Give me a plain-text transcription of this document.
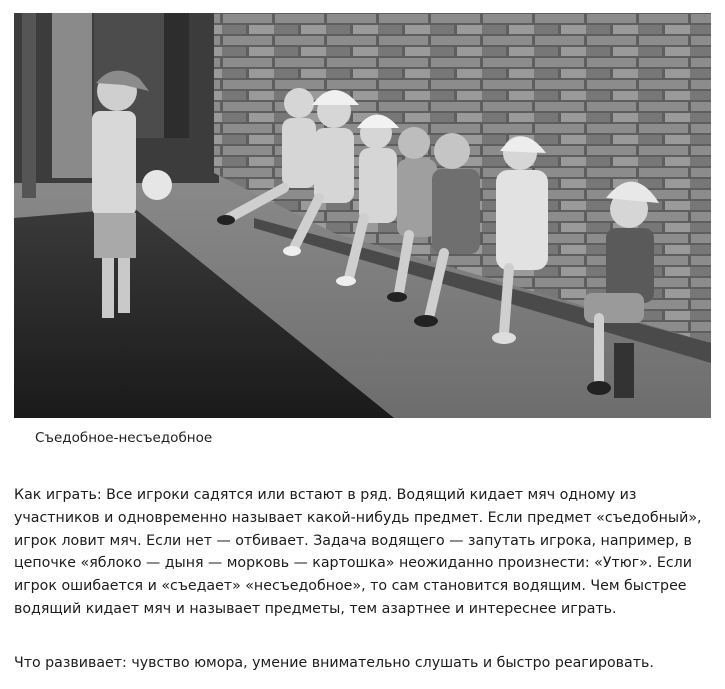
Съедобное-несъедобное
Как играть: Все игроки садятся или встают в ряд. Водящий кидает мяч одному из
участников и одновременно называет какой-нибудь предмет. Если предмет «съедобный»,
игрок ловит мяч. Если нет — отбивает. Задача водящего — запутать игрока, например, в
цепочке «яблоко — дыня — морковь — картошка» неожиданно произнести: «Утюг». Если
игрок ошибается и «съедает» «несъедобное», то сам становится водящим. Чем быстрее
водящий кидает мяч и называет предметы, тем азартнее и интереснее играть.
Что развивает: чувство юмора, умение внимательно слушать и быстро реагировать.
